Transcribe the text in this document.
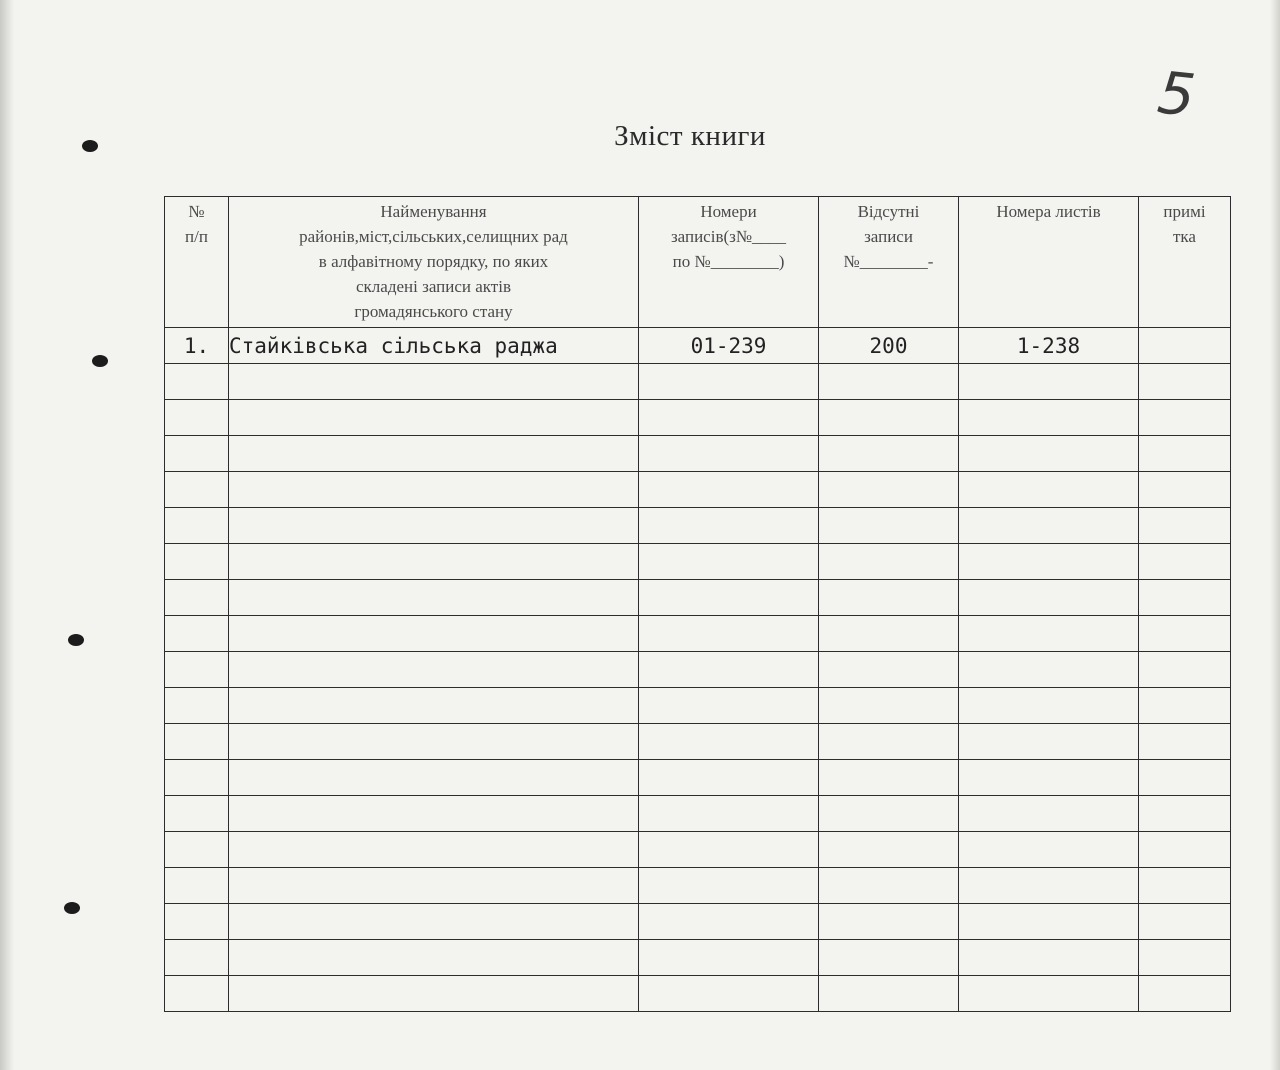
5
Зміст книги
№
п/п	Найменування
районів,міст,сільських,селищних рад
в алфавітному порядку, по яких
складені записи актів
громадянського стану	Номери
записів(з№____
по №________)	Відсутні
записи
№________-	Номера листів	примі
тка

1.	Стайківська сільська раджа	01-239	200	1-238	
